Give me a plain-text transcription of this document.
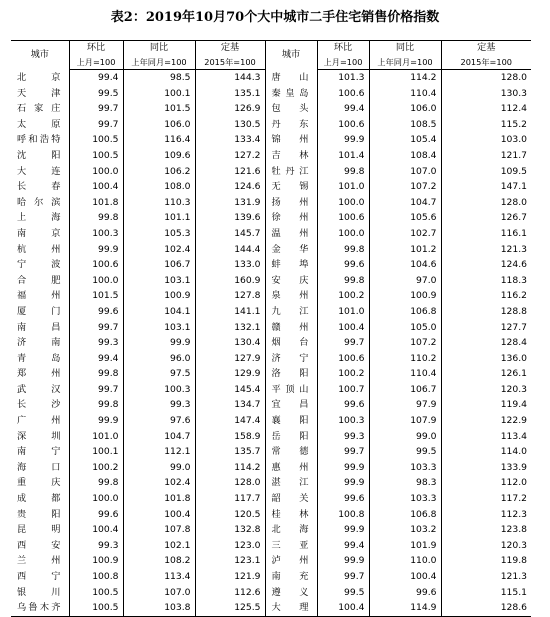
表2：2019年10月70个大中城市二手住宅销售价格指数
城市	环比	同比	定基	城市	环比	同比	定基
	上月=100	上年同月=100	2015年=100		上月=100	上年同月=100	2015年=100
北京	99.4	98.5	144.3	唐山	101.3	114.2	128.0
天津	99.5	100.1	135.1	秦皇岛	100.6	110.4	130.3
石家庄	99.7	101.5	126.9	包头	99.4	106.0	112.4
太原	99.7	106.0	130.5	丹东	100.6	108.5	115.2
呼和浩特	100.5	116.4	133.4	锦州	99.9	105.4	103.0
沈阳	100.5	109.6	127.2	吉林	101.4	108.4	121.7
大连	100.0	106.2	121.6	牡丹江	99.8	107.0	109.5
长春	100.4	108.0	124.6	无锡	101.0	107.2	147.1
哈尔滨	101.8	110.3	131.9	扬州	100.0	104.7	128.0
上海	99.8	101.1	139.6	徐州	100.6	105.6	126.7
南京	100.3	105.3	145.7	温州	100.0	102.7	116.1
杭州	99.9	102.4	144.4	金华	99.8	101.2	121.3
宁波	100.6	106.7	133.0	蚌埠	99.6	104.6	124.6
合肥	100.0	103.1	160.9	安庆	99.8	97.0	118.3
福州	101.5	100.9	127.8	泉州	100.2	100.9	116.2
厦门	99.6	104.1	141.1	九江	101.0	106.8	128.8
南昌	99.7	103.1	132.1	赣州	100.4	105.0	127.7
济南	99.3	99.9	130.4	烟台	99.7	107.2	128.4
青岛	99.4	96.0	127.9	济宁	100.6	110.2	136.0
郑州	99.8	97.5	129.9	洛阳	100.2	110.4	126.1
武汉	99.7	100.3	145.4	平顶山	100.7	106.7	120.3
长沙	99.8	99.3	134.7	宜昌	99.6	97.9	119.4
广州	99.9	97.6	147.4	襄阳	100.3	107.9	122.9
深圳	101.0	104.7	158.9	岳阳	99.3	99.0	113.4
南宁	100.1	112.1	135.7	常德	99.7	99.5	114.0
海口	100.2	99.0	114.2	惠州	99.9	103.3	133.9
重庆	99.8	102.4	128.0	湛江	99.9	98.3	112.0
成都	100.0	101.8	117.7	韶关	99.6	103.3	117.2
贵阳	99.6	100.4	120.5	桂林	100.8	106.8	112.3
昆明	100.4	107.8	132.8	北海	99.9	103.2	123.8
西安	99.3	102.1	123.0	三亚	99.4	101.9	120.3
兰州	100.9	108.2	123.1	泸州	99.9	110.0	119.8
西宁	100.8	113.4	121.9	南充	99.7	100.4	121.3
银川	100.5	107.0	112.6	遵义	99.5	99.6	115.1
乌鲁木齐	100.5	103.8	125.5	大理	100.4	114.9	128.6
